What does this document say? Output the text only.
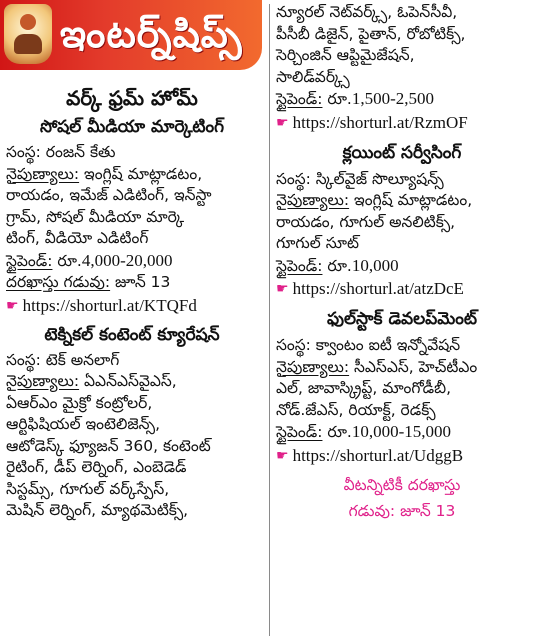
ఇంటర్న్‌షిప్స్
వర్క్ ఫ్రమ్ హోమ్
సోషల్ మీడియా మార్కెటింగ్

సంస్థ: రంజన్ కేతు

నైపుణ్యాలు: ఇంగ్లిష్ మాట్లాడటం,

రాయడం, ఇమేజ్ ఎడిటింగ్, ఇన్‌స్టా

గ్రామ్, సోషల్ మీడియా మార్కె

టింగ్, వీడియో ఎడిటింగ్

స్టైపెండ్: రూ.4,000-20,000

దరఖాస్తు గడువు: జూన్ 13

☛ https://shorturl.at/KTQFd
టెక్నికల్ కంటెంట్ క్యూరేషన్

సంస్థ: టెక్ అనలాగ్

నైపుణ్యాలు: ఏఎన్ఎస్‌వైఎస్,

ఏఆర్ఎం మైక్రో కంట్రోలర్,

ఆర్టిఫిషియల్ ఇంటెలిజెన్స్,

ఆటోడెస్క్ ఫ్యూజన్ 360, కంటెంట్

రైటింగ్, డీప్ లెర్నింగ్, ఎంబెడెడ్

సిస్టమ్స్, గూగుల్ వర్క్‌స్పేస్,

మెషిన్ లెర్నింగ్, మ్యాథమెటిక్స్,

న్యూరల్ నెట్‌వర్క్స్, ఓపెన్‌సీవీ,

పీసీబీ డిజైన్, పైతాన్, రోబోటిక్స్,

సెర్చింజిన్ ఆప్టిమైజేషన్,

సాలిడ్‌వర్క్స్

స్టైపెండ్: రూ.1,500-2,500

☛ https://shorturl.at/RzmOF
క్లయింట్ సర్వీసింగ్

సంస్థ: స్కిల్‌వైజ్ సొల్యూషన్స్

నైపుణ్యాలు: ఇంగ్లిష్ మాట్లాడటం,

రాయడం, గూగుల్ అనలిటిక్స్,

గూగుల్ సూట్

స్టైపెండ్: రూ.10,000

☛ https://shorturl.at/atzDcE
ఫుల్‌స్టాక్ డెవలప్‌మెంట్

సంస్థ: క్వాంటం ఐటీ ఇన్నోవేషన్

నైపుణ్యాలు: సీఎస్ఎస్, హెచ్‌టీఎం

ఎల్, జావాస్క్రిప్ట్, మాంగోడీబీ,

నోడ్.జేఎస్, రియాక్ట్, రెడక్స్

స్టైపెండ్: రూ.10,000-15,000

☛ https://shorturl.at/UdggB
వీటన్నిటికీ దరఖాస్తు
గడువు: జూన్ 13
